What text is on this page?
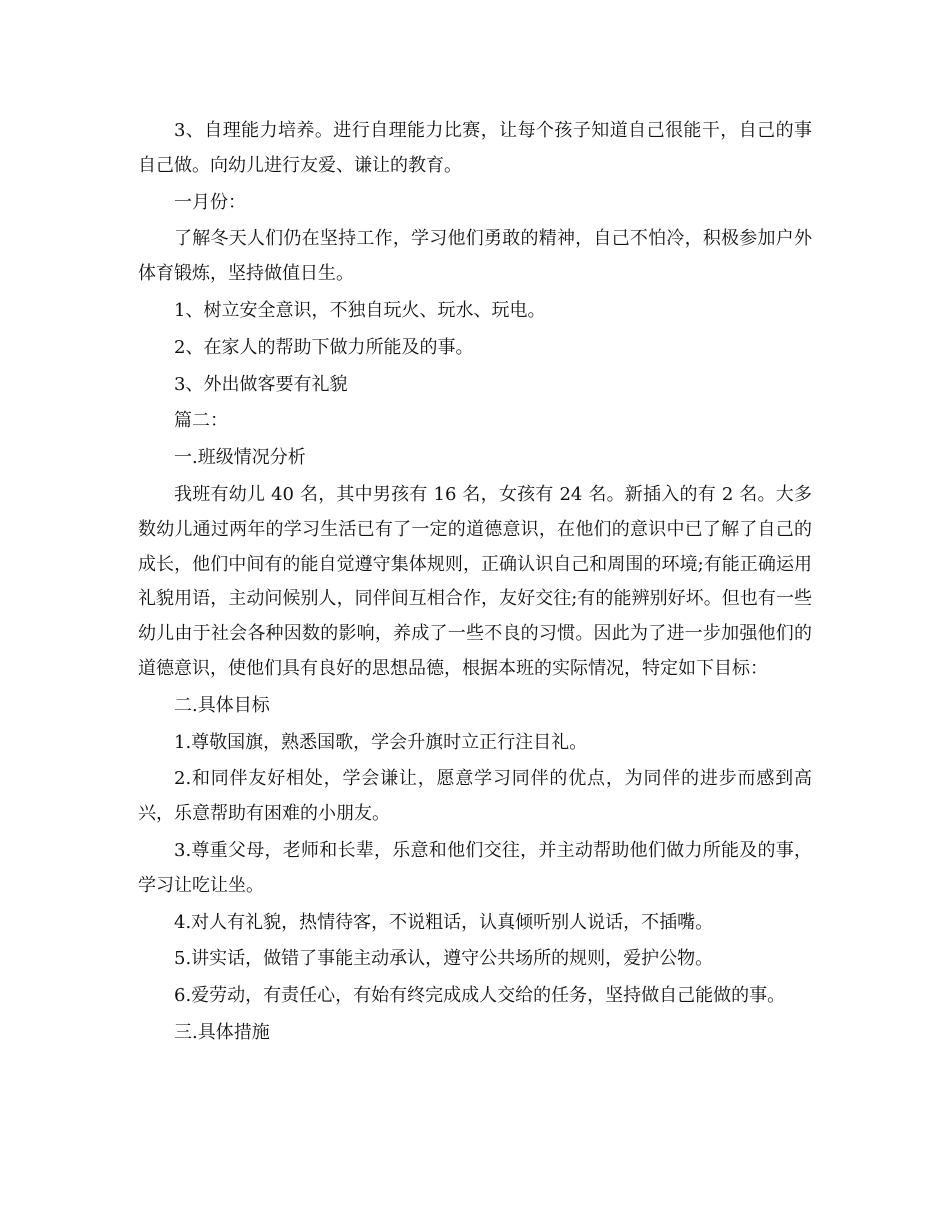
3、自理能力培养。进行自理能力比赛，让每个孩子知道自己很能干，自己的事自己做。向幼儿进行友爱、谦让的教育。

一月份：

了解冬天人们仍在坚持工作，学习他们勇敢的精神，自己不怕冷，积极参加户外体育锻炼，坚持做值日生。

1、树立安全意识，不独自玩火、玩水、玩电。

2、在家人的帮助下做力所能及的事。

3、外出做客要有礼貌

篇二：

一.班级情况分析

我班有幼儿 40 名，其中男孩有 16 名，女孩有 24 名。新插入的有 2 名。大多数幼儿通过两年的学习生活已有了一定的道德意识，在他们的意识中已了解了自己的成长，他们中间有的能自觉遵守集体规则，正确认识自己和周围的环境;有能正确运用礼貌用语，主动问候别人，同伴间互相合作，友好交往;有的能辨别好坏。但也有一些幼儿由于社会各种因数的影响，养成了一些不良的习惯。因此为了进一步加强他们的道德意识，使他们具有良好的思想品德，根据本班的实际情况，特定如下目标：

二.具体目标

1.尊敬国旗，熟悉国歌，学会升旗时立正行注目礼。

2.和同伴友好相处，学会谦让，愿意学习同伴的优点，为同伴的进步而感到高兴，乐意帮助有困难的小朋友。

3.尊重父母，老师和长辈，乐意和他们交往，并主动帮助他们做力所能及的事，学习让吃让坐。

4.对人有礼貌，热情待客，不说粗话，认真倾听别人说话，不插嘴。

5.讲实话，做错了事能主动承认，遵守公共场所的规则，爱护公物。

6.爱劳动，有责任心，有始有终完成成人交给的任务，坚持做自己能做的事。

三.具体措施
